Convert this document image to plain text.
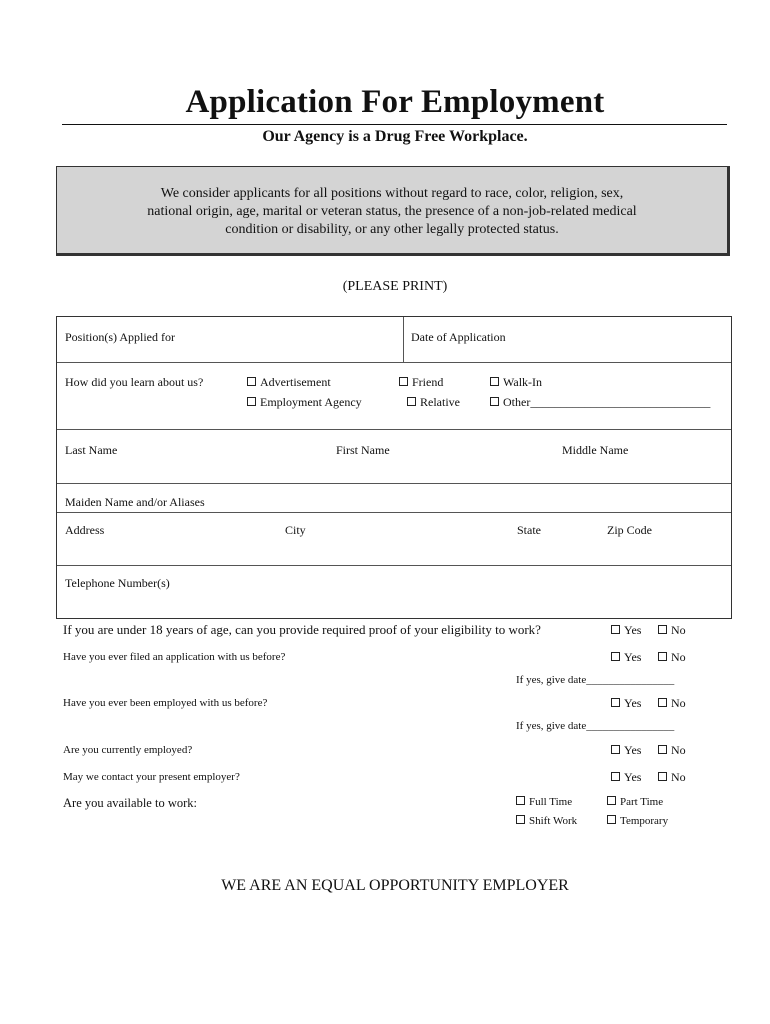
Application For Employment
Our Agency is a Drug Free Workplace.
We consider applicants for all positions without regard to race, color, religion, sex,
national origin, age, marital or veteran status, the presence of a non-job-related medical
condition or disability, or any other legally protected status.
(PLEASE PRINT)
Position(s) Applied for	Date of Application
How did you learn about us?	Advertisement	Friend	Walk-In
Employment Agency	Relative	Other______________________________
Last Name	First Name	Middle Name
Maiden Name and/or Aliases
Address	City	State	Zip Code
Telephone Number(s)
If you are under 18 years of age, can you provide required proof of your eligibility to work?	Yes	No
Have you ever filed an application with us before?	Yes	No
If yes, give date________________
Have you ever been employed with us before?	Yes	No
If yes, give date________________
Are you currently employed?	Yes	No
May we contact your present employer?	Yes	No
Are you available to work:	Full Time	Part Time
Shift Work	Temporary
WE ARE AN EQUAL OPPORTUNITY EMPLOYER
